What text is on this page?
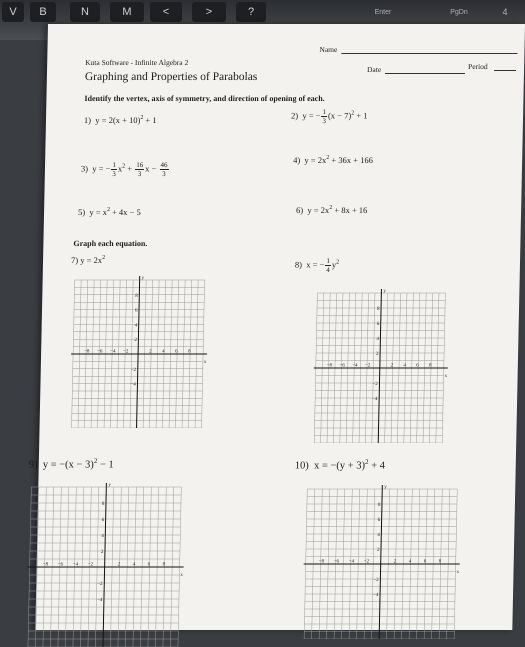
V	B	N	M	<	>	?	Enter	PgDn	4
Name
Kuta Software - Infinite Algebra 2
Date	Period
Graphing and Properties of Parabolas
Identify the vertex, axis of symmetry, and direction of opening of each.
1) $y = 2(x + 10)^2 + 1$	2) y = − $\frac{1}{3} (x - 7)^2 + 1$
3) y = − $\frac{1}{3} x^2 + \frac{16}{3}$ $x - \frac{46}{3}$
4) $y = 2x^2 + 36x + 166$
5) $y = x^2 + 4x - 5$	6) $y = 2x^2 + 8x + 16$
Graph each equation.
7) $y = 2x^2$
8) x = − $\frac{1}{4} y^2$
9) $y = -(x - 3)^2 - 1$	10) $x = -(y + 3)^2 + 4$
y
x
−8 −6 −4 −2	2 4 6 8
8
6
4
2
−2
−4
y
x
−8 −6 −4 −2	2 4 6 8
8
6
4
2
−2
−4
y
x
−8 −6 −4 −2	2 4 6 8
8
6
4
2
−2
−4
y
x
−8 −6 −4 −2	2 4 6 8
8
6
4
2
−2
−4
